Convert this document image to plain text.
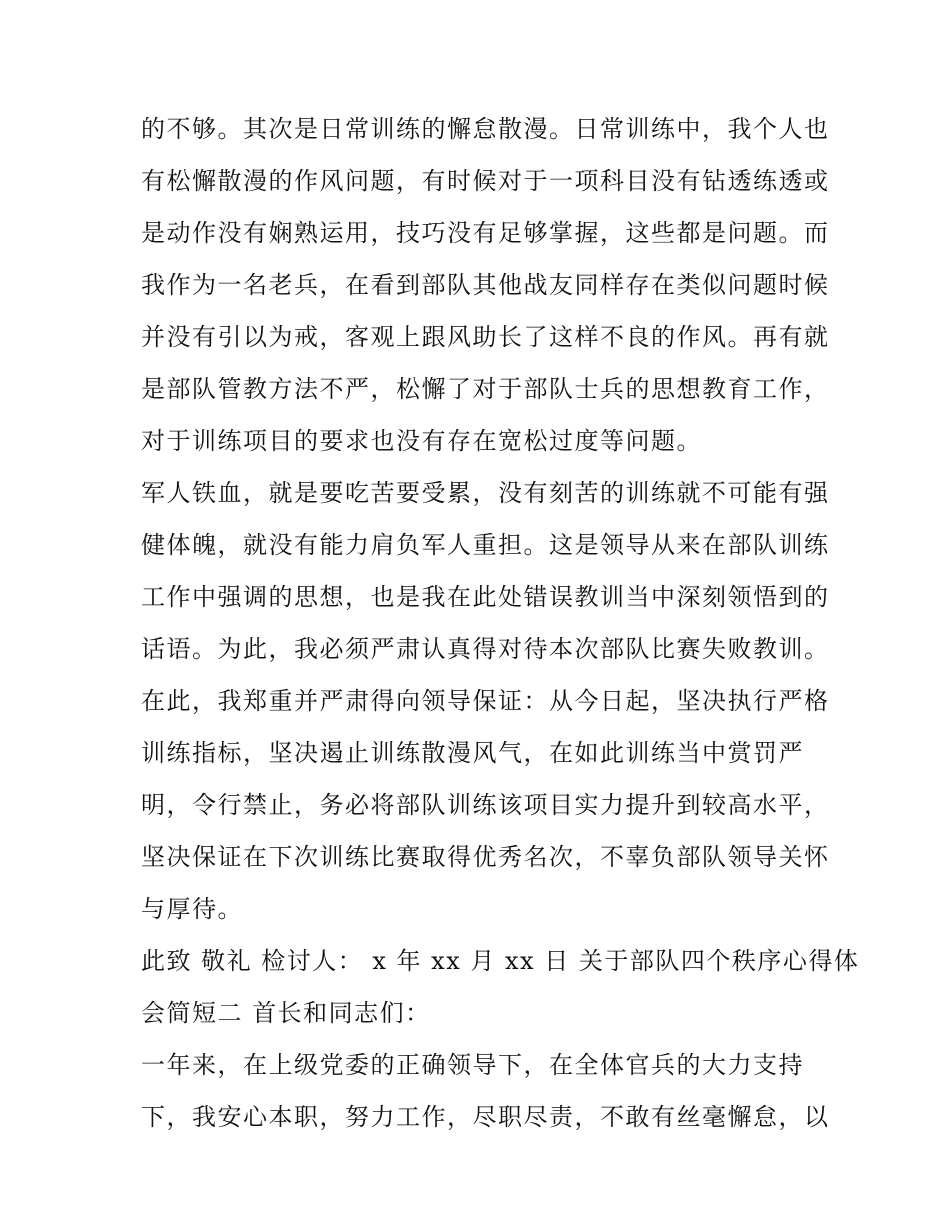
的不够。其次是日常训练的懈怠散漫。日常训练中，我个人也
有松懈散漫的作风问题，有时候对于一项科目没有钻透练透或
是动作没有娴熟运用，技巧没有足够掌握，这些都是问题。而
我作为一名老兵，在看到部队其他战友同样存在类似问题时候
并没有引以为戒，客观上跟风助长了这样不良的作风。再有就
是部队管教方法不严，松懈了对于部队士兵的思想教育工作，
对于训练项目的要求也没有存在宽松过度等问题。
军人铁血，就是要吃苦要受累，没有刻苦的训练就不可能有强
健体魄，就没有能力肩负军人重担。这是领导从来在部队训练
工作中强调的思想，也是我在此处错误教训当中深刻领悟到的
话语。为此，我必须严肃认真得对待本次部队比赛失败教训。
在此，我郑重并严肃得向领导保证：从今日起，坚决执行严格
训练指标，坚决遏止训练散漫风气，在如此训练当中赏罚严
明，令行禁止，务必将部队训练该项目实力提升到较高水平，
坚决保证在下次训练比赛取得优秀名次，不辜负部队领导关怀
与厚待。
此致 敬礼 检讨人： x 年 xx 月 xx 日 关于部队四个秩序心得体
会简短二 首长和同志们：
一年来，在上级党委的正确领导下，在全体官兵的大力支持
下，我安心本职，努力工作，尽职尽责，不敢有丝毫懈怠，以
